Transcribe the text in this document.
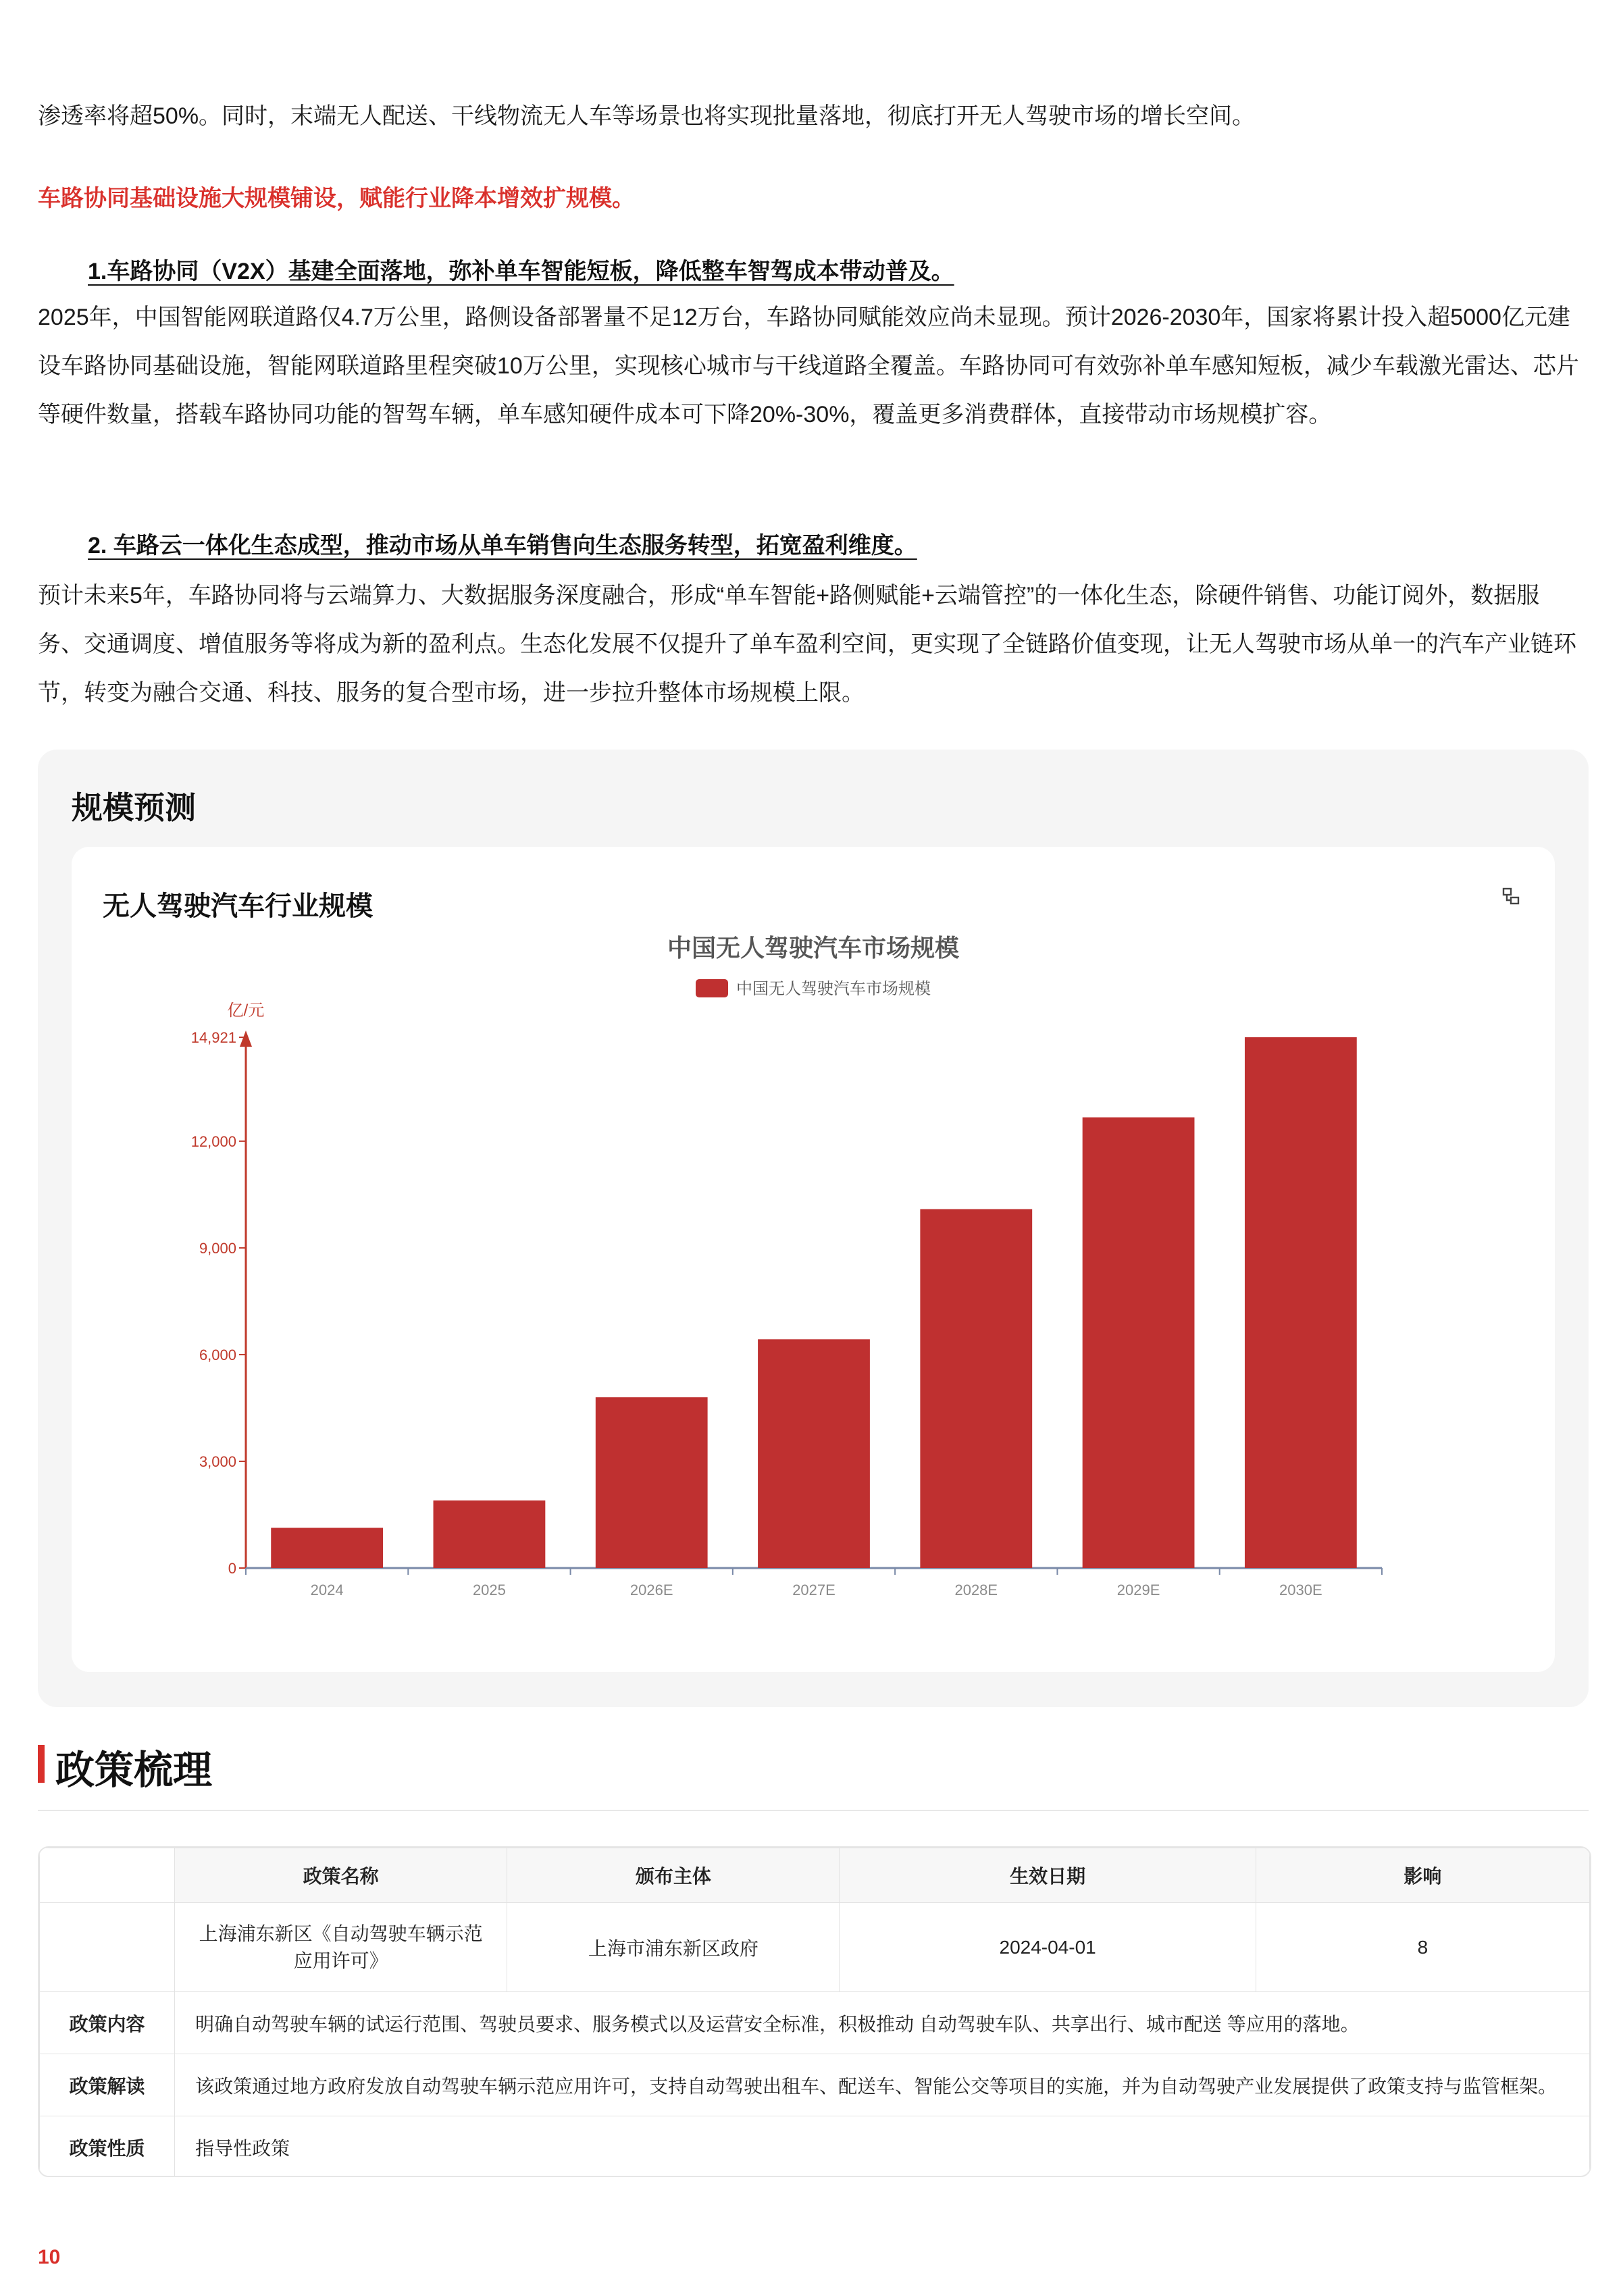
渗透率将超50%。同时，末端无人配送、干线物流无人车等场景也将实现批量落地，彻底打开无人驾驶市场的增长空间。
车路协同基础设施大规模铺设，赋能行业降本增效扩规模。
1.车路协同（V2X）基建全面落地，弥补单车智能短板，降低整车智驾成本带动普及。
2025年，中国智能网联道路仅4.7万公里，路侧设备部署量不足12万台，车路协同赋能效应尚未显现。预计2026-2030年，国家将累计投入超5000亿元建设车路协同基础设施，智能网联道路里程突破10万公里，实现核心城市与干线道路全覆盖。车路协同可有效弥补单车感知短板，减少车载激光雷达、芯片等硬件数量，搭载车路协同功能的智驾车辆，单车感知硬件成本可下降20%-30%，覆盖更多消费群体，直接带动市场规模扩容。
2. 车路云一体化生态成型，推动市场从单车销售向生态服务转型，拓宽盈利维度。
预计未来5年，车路协同将与云端算力、大数据服务深度融合，形成“单车智能+路侧赋能+云端管控”的一体化生态，除硬件销售、功能订阅外，数据服务、交通调度、增值服务等将成为新的盈利点。生态化发展不仅提升了单车盈利空间，更实现了全链路价值变现，让无人驾驶市场从单一的汽车产业链环节，转变为融合交通、科技、服务的复合型市场，进一步拉升整体市场规模上限。
规模预测
无人驾驶汽车行业规模
中国无人驾驶汽车市场规模
中国无人驾驶汽车市场规模
亿/元
0
3,000
6,000
9,000
12,000
14,921
2024	2025	2026E	2027E	2028E	2029E	2030E
政策梳理
	政策名称	颁布主体	生效日期	影响
	上海浦东新区《自动驾驶车辆示范应用许可》	上海市浦东新区政府	2024-04-01	8
政策内容	明确自动驾驶车辆的试运行范围、驾驶员要求、服务模式以及运营安全标准，积极推动 自动驾驶车队、共享出行、城市配送 等应用的落地。			
政策解读	该政策通过地方政府发放自动驾驶车辆示范应用许可，支持自动驾驶出租车、配送车、智能公交等项目的实施，并为自动驾驶产业发展提供了政策支持与监管框架。			
政策性质	指导性政策			
10
